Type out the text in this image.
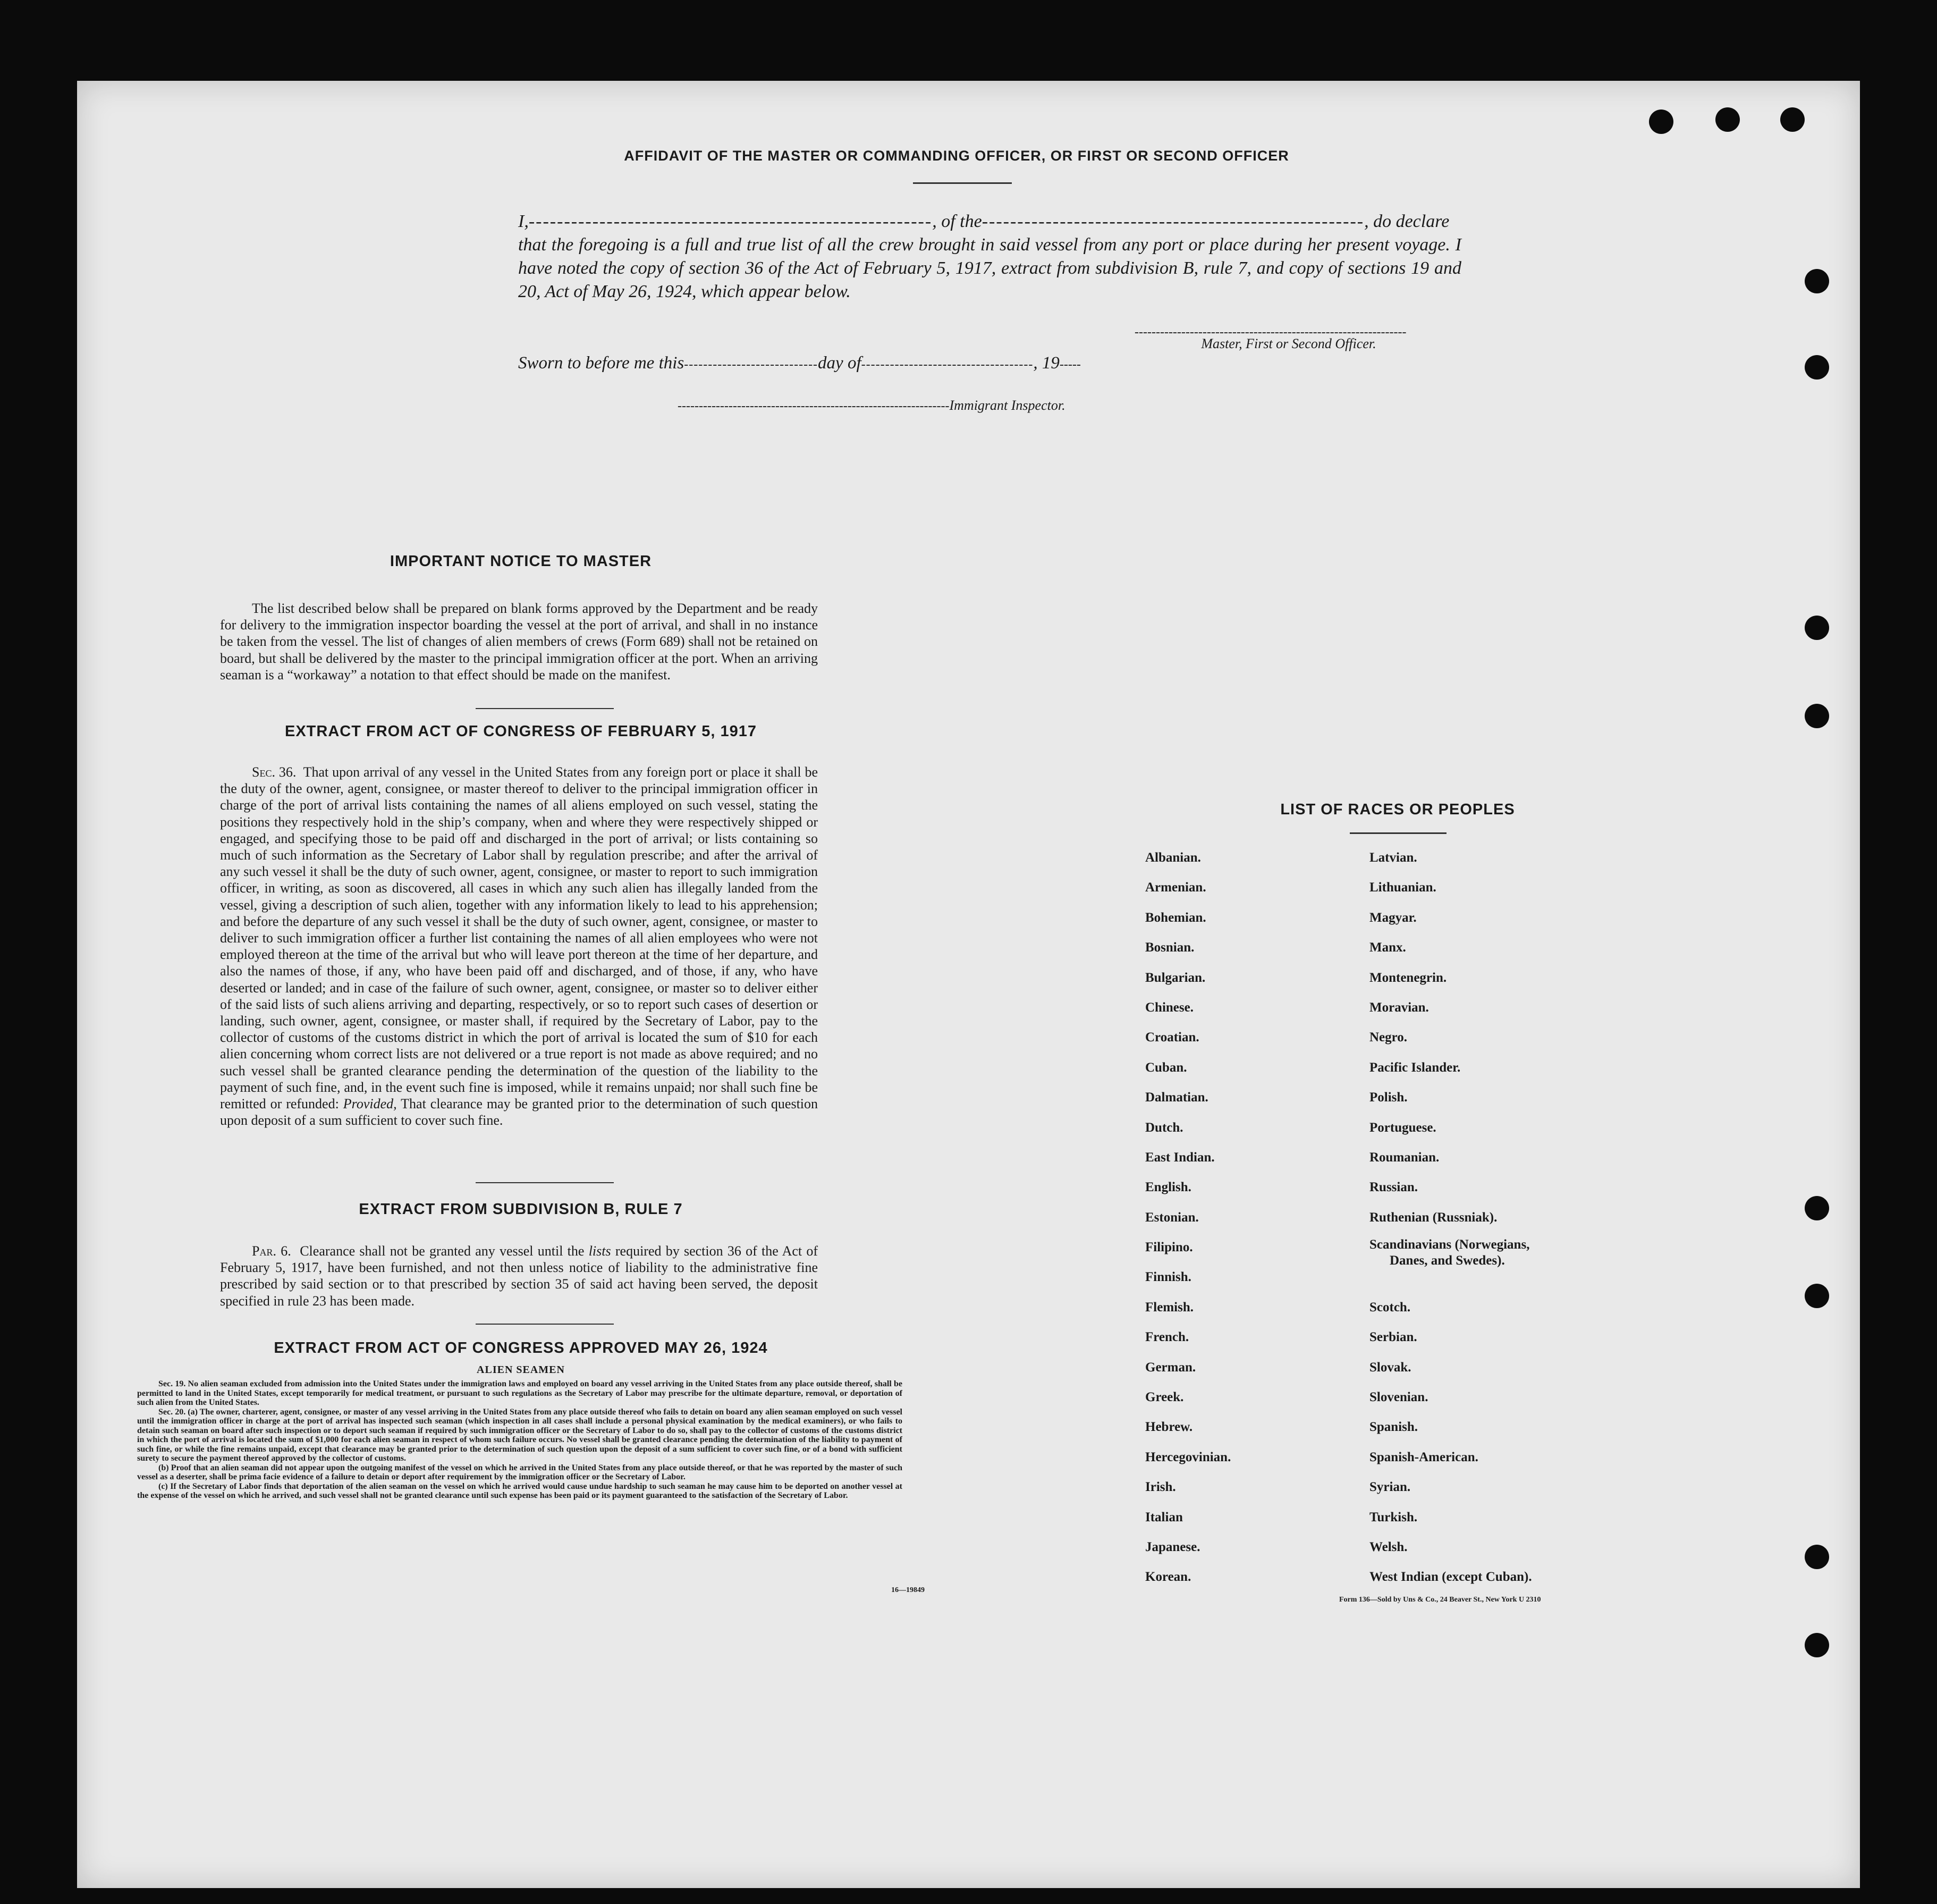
AFFIDAVIT OF THE MASTER OR COMMANDING OFFICER, OR FIRST OR SECOND OFFICER
I,---------------------------------------------------------, of the------------------------------------------------------, do declare
that the foregoing is a full and true list of all the crew brought in said vessel from any port or place during her present voyage. I have noted the copy of section 36 of the Act of February 5, 1917, extract from subdivision B, rule 7, and copy of sections 19 and 20, Act of May 26, 1924, which appear below.
----------------------------------------------------------------
Master, First or Second Officer.
Sworn to before me this----------------------------day of------------------------------------, 19-----
----------------------------------------------------------------Immigrant Inspector.
IMPORTANT NOTICE TO MASTER
The list described below shall be prepared on blank forms approved by the Department and be ready for delivery to the immigration inspector boarding the vessel at the port of arrival, and shall in no instance be taken from the vessel. The list of changes of alien members of crews (Form 689) shall not be retained on board, but shall be delivered by the master to the principal immigration officer at the port. When an arriving seaman is a “workaway” a notation to that effect should be made on the manifest.
EXTRACT FROM ACT OF CONGRESS OF FEBRUARY 5, 1917
Sec. 36. That upon arrival of any vessel in the United States from any foreign port or place it shall be the duty of the owner, agent, consignee, or master thereof to deliver to the principal immigration officer in charge of the port of arrival lists containing the names of all aliens employed on such vessel, stating the positions they respectively hold in the ship’s company, when and where they were respectively shipped or engaged, and specifying those to be paid off and discharged in the port of arrival; or lists containing so much of such information as the Secretary of Labor shall by regulation prescribe; and after the arrival of any such vessel it shall be the duty of such owner, agent, consignee, or master to report to such immigration officer, in writing, as soon as discovered, all cases in which any such alien has illegally landed from the vessel, giving a description of such alien, together with any information likely to lead to his apprehension; and before the departure of any such vessel it shall be the duty of such owner, agent, consignee, or master to deliver to such immigration officer a further list containing the names of all alien employees who were not employed thereon at the time of the arrival but who will leave port thereon at the time of her departure, and also the names of those, if any, who have been paid off and discharged, and of those, if any, who have deserted or landed; and in case of the failure of such owner, agent, consignee, or master so to deliver either of the said lists of such aliens arriving and departing, respectively, or so to report such cases of desertion or landing, such owner, agent, consignee, or master shall, if required by the Secretary of Labor, pay to the collector of customs of the customs district in which the port of arrival is located the sum of $10 for each alien concerning whom correct lists are not delivered or a true report is not made as above required; and no such vessel shall be granted clearance pending the determination of the question of the liability to the payment of such fine, and, in the event such fine is imposed, while it remains unpaid; nor shall such fine be remitted or refunded: Provided, That clearance may be granted prior to the determination of such question upon deposit of a sum sufficient to cover such fine.
EXTRACT FROM SUBDIVISION B, RULE 7
Par. 6. Clearance shall not be granted any vessel until the lists required by section 36 of the Act of February 5, 1917, have been furnished, and not then unless notice of liability to the administrative fine prescribed by said section or to that prescribed by section 35 of said act having been served, the deposit specified in rule 23 has been made.
EXTRACT FROM ACT OF CONGRESS APPROVED MAY 26, 1924
ALIEN SEAMEN
Sec. 19. No alien seaman excluded from admission into the United States under the immigration laws and employed on board any vessel arriving in the United States from any place outside thereof, shall be permitted to land in the United States, except temporarily for medical treatment, or pursuant to such regulations as the Secretary of Labor may prescribe for the ultimate departure, removal, or deportation of such alien from the United States.
Sec. 20. (a) The owner, charterer, agent, consignee, or master of any vessel arriving in the United States from any place outside thereof who fails to detain on board any alien seaman employed on such vessel until the immigration officer in charge at the port of arrival has inspected such seaman (which inspection in all cases shall include a personal physical examination by the medical examiners), or who fails to detain such seaman on board after such inspection or to deport such seaman if required by such immigration officer or the Secretary of Labor to do so, shall pay to the collector of customs of the customs district in which the port of arrival is located the sum of $1,000 for each alien seaman in respect of whom such failure occurs. No vessel shall be granted clearance pending the determination of the liability to payment of such fine, or while the fine remains unpaid, except that clearance may be granted prior to the determination of such question upon the deposit of a sum sufficient to cover such fine, or of a bond with sufficient surety to secure the payment thereof approved by the collector of customs.
(b) Proof that an alien seaman did not appear upon the outgoing manifest of the vessel on which he arrived in the United States from any place outside thereof, or that he was reported by the master of such vessel as a deserter, shall be prima facie evidence of a failure to detain or deport after requirement by the immigration officer or the Secretary of Labor.
(c) If the Secretary of Labor finds that deportation of the alien seaman on the vessel on which he arrived would cause undue hardship to such seaman he may cause him to be deported on another vessel at the expense of the vessel on which he arrived, and such vessel shall not be granted clearance until such expense has been paid or its payment guaranteed to the satisfaction of the Secretary of Labor.
16—19849
LIST OF RACES OR PEOPLES
Albanian.
Armenian.
Bohemian.
Bosnian.
Bulgarian.
Chinese.
Croatian.
Cuban.
Dalmatian.
Dutch.
East Indian.
English.
Estonian.
Filipino.
Finnish.
Flemish.
French.
German.
Greek.
Hebrew.
Hercegovinian.
Irish.
Italian
Japanese.
Korean.
Latvian.
Lithuanian.
Magyar.
Manx.
Montenegrin.
Moravian.
Negro.
Pacific Islander.
Polish.
Portuguese.
Roumanian.
Russian.
Ruthenian (Russniak).
Scandinavians (Norwegians,
Danes, and Swedes).
Scotch.
Serbian.
Slovak.
Slovenian.
Spanish.
Spanish-American.
Syrian.
Turkish.
Welsh.
West Indian (except Cuban).
Form 136—Sold by Uns & Co., 24 Beaver St., New York U 2310
